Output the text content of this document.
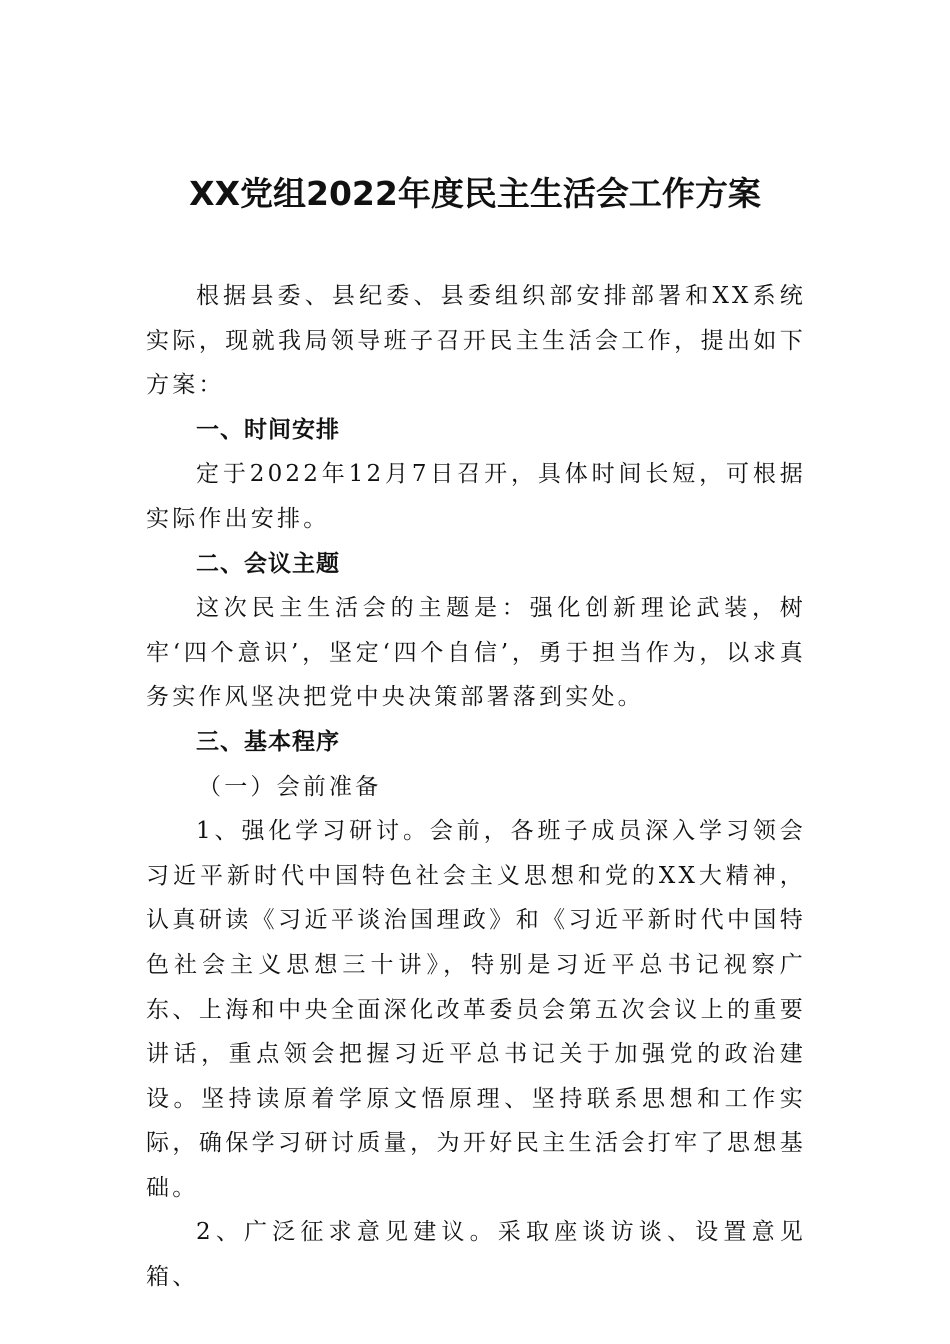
XX党组2022年度民主生活会工作方案

根据县委、县纪委、县委组织部安排部署和XX系统实际，现就我局领导班子召开民主生活会工作，提出如下方案：

一、时间安排

定于2022年12月7日召开，具体时间长短，可根据实际作出安排。

二、会议主题

这次民主生活会的主题是：强化创新理论武装，树牢‘四个意识’，坚定‘四个自信’，勇于担当作为，以求真务实作风坚决把党中央决策部署落到实处。

三、基本程序

（一）会前准备

1、强化学习研讨。会前，各班子成员深入学习领会习近平新时代中国特色社会主义思想和党的XX大精神，认真研读《习近平谈治国理政》和《习近平新时代中国特色社会主义思想三十讲》，特别是习近平总书记视察广东、上海和中央全面深化改革委员会第五次会议上的重要讲话，重点领会把握习近平总书记关于加强党的政治建设。坚持读原着学原文悟原理、坚持联系思想和工作实际，确保学习研讨质量，为开好民主生活会打牢了思想基础。

2、广泛征求意见建议。采取座谈访谈、设置意见箱、
